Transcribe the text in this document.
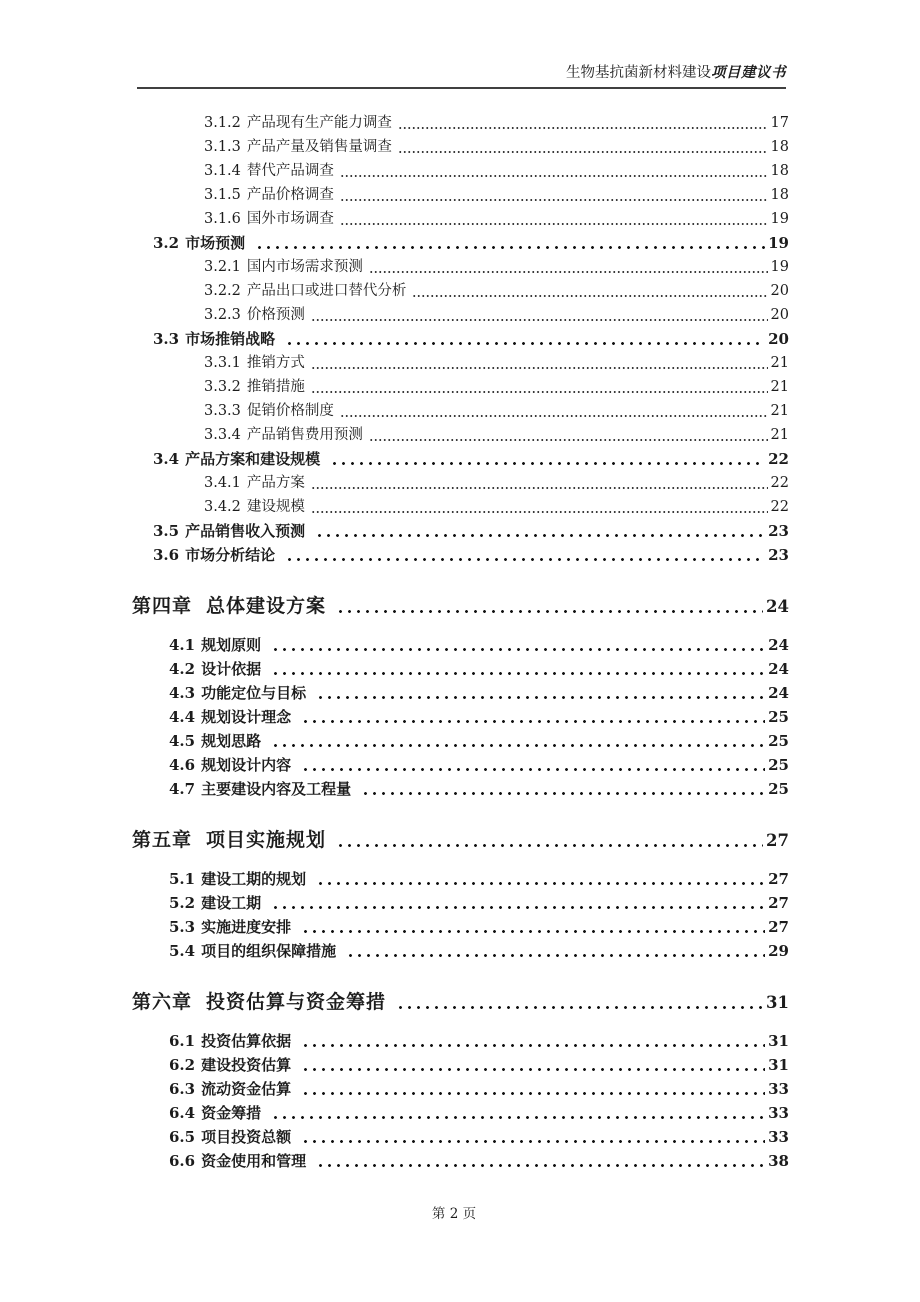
生物基抗菌新材料建设项目建议书
3.1.2 产品现有生产能力调查	17
3.1.3 产品产量及销售量调查	18
3.1.4 替代产品调查	18
3.1.5 产品价格调查	18
3.1.6 国外市场调查	19
3.2 市场预测	19
3.2.1 国内市场需求预测	19
3.2.2 产品出口或进口替代分析	20
3.2.3 价格预测	20
3.3 市场推销战略	20
3.3.1 推销方式	21
3.3.2 推销措施	21
3.3.3 促销价格制度	21
3.3.4 产品销售费用预测	21
3.4 产品方案和建设规模	22
3.4.1 产品方案	22
3.4.2 建设规模	22
3.5 产品销售收入预测	23
3.6 市场分析结论	23
第四章 总体建设方案	24
4.1 规划原则	24
4.2 设计依据	24
4.3 功能定位与目标	24
4.4 规划设计理念	25
4.5 规划思路	25
4.6 规划设计内容	25
4.7 主要建设内容及工程量	25
第五章 项目实施规划	27
5.1 建设工期的规划	27
5.2 建设工期	27
5.3 实施进度安排	27
5.4 项目的组织保障措施	29
第六章 投资估算与资金筹措	31
6.1 投资估算依据	31
6.2 建设投资估算	31
6.3 流动资金估算	33
6.4 资金筹措	33
6.5 项目投资总额	33
6.6 资金使用和管理	38
第 2 页
